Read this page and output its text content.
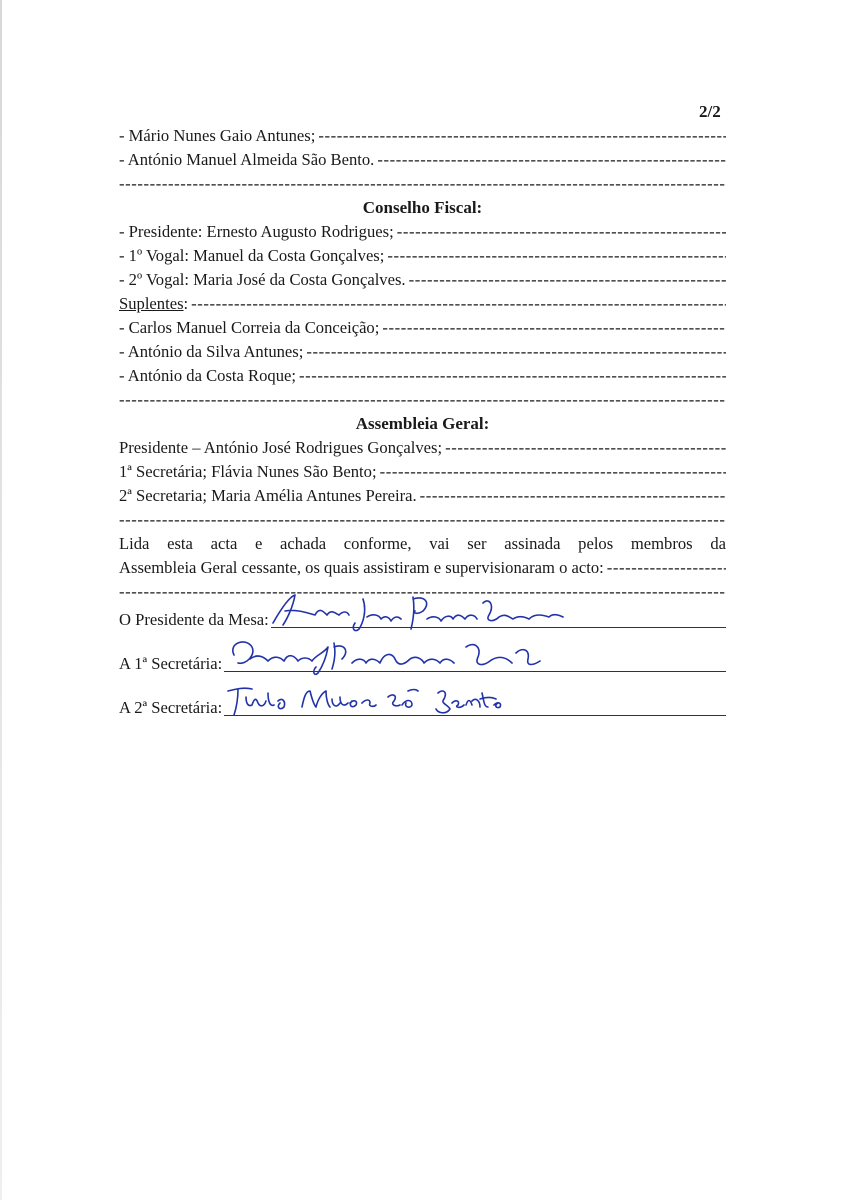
2/2
- Mário Nunes Gaio Antunes;
-----
- António Manuel Almeida São Bento.
-----
-----
Conselho Fiscal:
- Presidente: Ernesto Augusto Rodrigues;
-----
- 1º Vogal: Manuel da Costa Gonçalves;
-----
- 2º Vogal: Maria José da Costa Gonçalves.
-----
Suplentes:
-----
- Carlos Manuel Correia da Conceição;
-----
- António da Silva Antunes;
-----
- António da Costa Roque;
-----
-----
Assembleia Geral:
Presidente – António José Rodrigues Gonçalves;
-----
1ª Secretária; Flávia Nunes São Bento;
-----
2ª Secretaria; Maria Amélia Antunes Pereira.
-----
-----
Lida esta acta e achada conforme, vai ser assinada pelos membros da
Assembleia Geral cessante, os quais assistiram e supervisionaram o acto:
-----
-----
O Presidente da Mesa:
A 1ª Secretária:
A 2ª Secretária:
